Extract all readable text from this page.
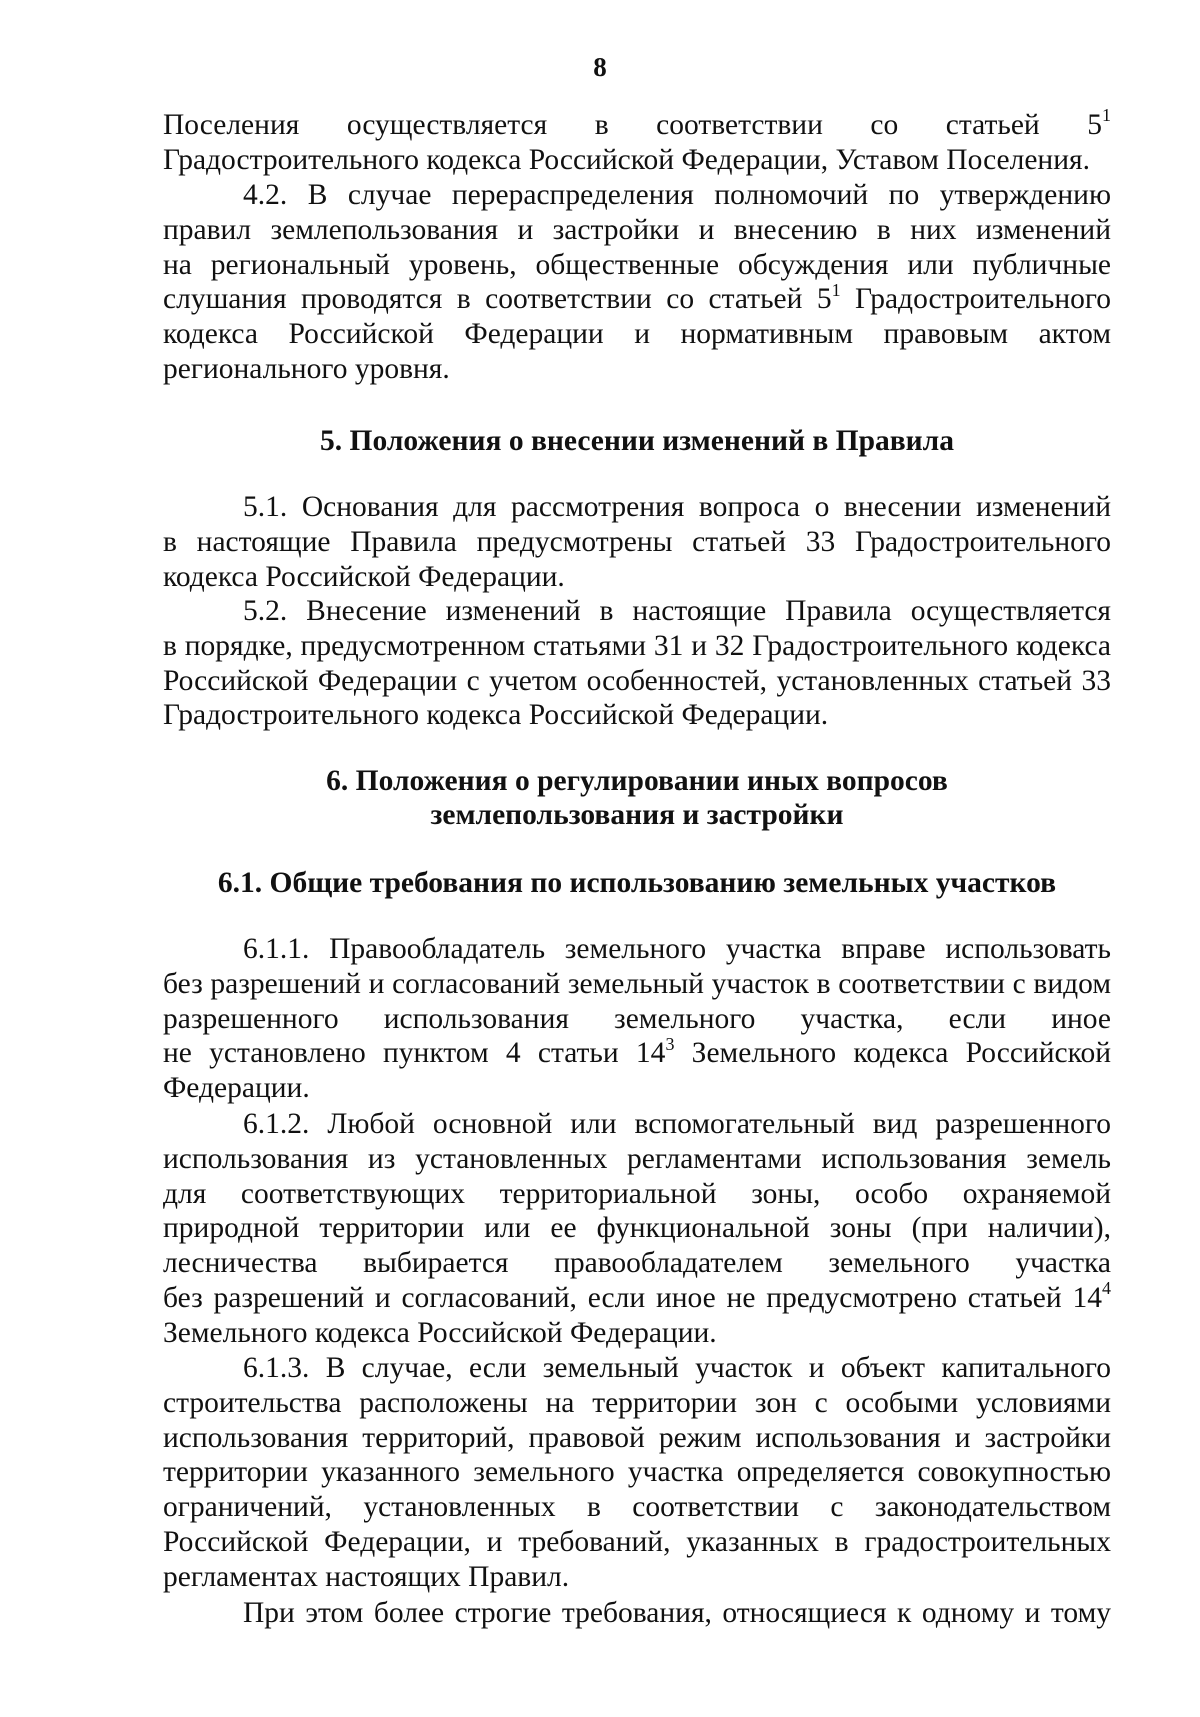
8
Поселения осуществляется в соответствии со статьей $5^1$
Градостроительного кодекса Российской Федерации, Уставом Поселения.
4.2. В случае перераспределения полномочий по утверждению
правил землепользования и застройки и внесению в них изменений
на региональный уровень, общественные обсуждения или публичные
слушания проводятся в соответствии со статьей $5^1$ Градостроительного
кодекса Российской Федерации и нормативным правовым актом
регионального уровня.
5. Положения о внесении изменений в Правила
5.1. Основания для рассмотрения вопроса о внесении изменений
в настоящие Правила предусмотрены статьей 33 Градостроительного
кодекса Российской Федерации.
5.2. Внесение изменений в настоящие Правила осуществляется
в порядке, предусмотренном статьями 31 и 32 Градостроительного кодекса
Российской Федерации с учетом особенностей, установленных статьей 33
Градостроительного кодекса Российской Федерации.
6. Положения о регулировании иных вопросов
землепользования и застройки
6.1. Общие требования по использованию земельных участков
6.1.1. Правообладатель земельного участка вправе использовать
без разрешений и согласований земельный участок в соответствии с видом
разрешенного использования земельного участка, если иное
не установлено пунктом 4 статьи $14^3$ Земельного кодекса Российской
Федерации.
6.1.2. Любой основной или вспомогательный вид разрешенного
использования из установленных регламентами использования земель
для соответствующих территориальной зоны, особо охраняемой
природной территории или ее функциональной зоны (при наличии),
лесничества выбирается правообладателем земельного участка
без разрешений и согласований, если иное не предусмотрено статьей $14^4$
Земельного кодекса Российской Федерации.
6.1.3. В случае, если земельный участок и объект капитального
строительства расположены на территории зон с особыми условиями
использования территорий, правовой режим использования и застройки
территории указанного земельного участка определяется совокупностью
ограничений, установленных в соответствии с законодательством
Российской Федерации, и требований, указанных в градостроительных
регламентах настоящих Правил.
При этом более строгие требования, относящиеся к одному и тому
